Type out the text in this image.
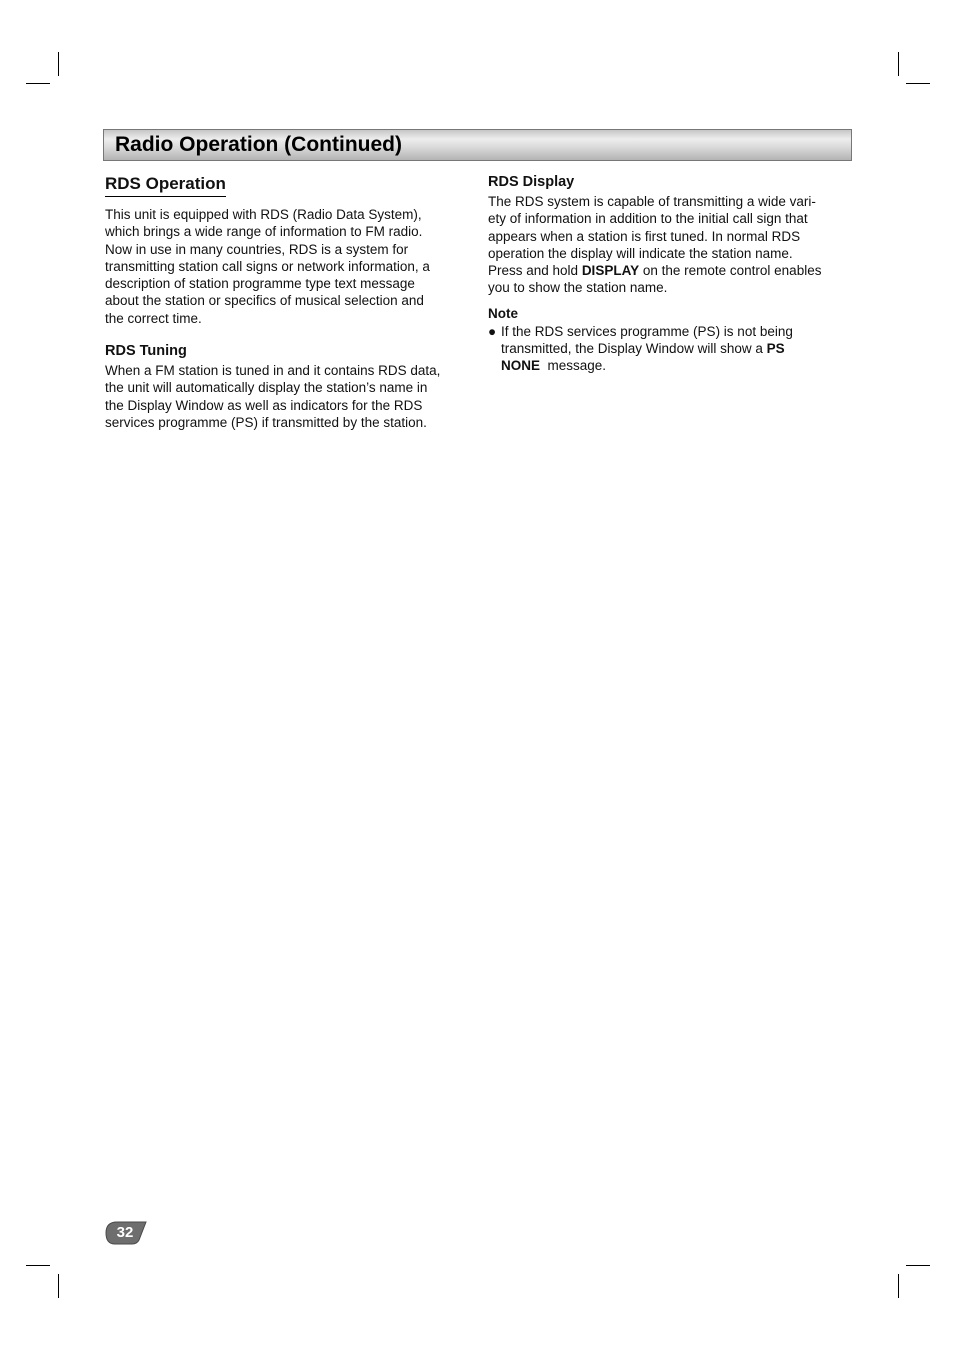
Radio Operation (Continued)
RDS Operation
This unit is equipped with RDS (Radio Data System),
which brings a wide range of information to FM radio.
Now in use in many countries, RDS is a system for
transmitting station call signs or network information, a
description of station programme type text message
about the station or specifics of musical selection and
the correct time.
RDS Tuning
When a FM station is tuned in and it contains RDS data,
the unit will automatically display the station’s name in
the Display Window as well as indicators for the RDS
services programme (PS) if transmitted by the station.
RDS Display
The RDS system is capable of transmitting a wide vari-
ety of information in addition to the initial call sign that
appears when a station is first tuned. In normal RDS
operation the display will indicate the station name.
Press and hold DISPLAY on the remote control enables
you to show the station name.
Note
● If the RDS services programme (PS) is not being
transmitted, the Display Window will show a PS
NONE  message.
32
